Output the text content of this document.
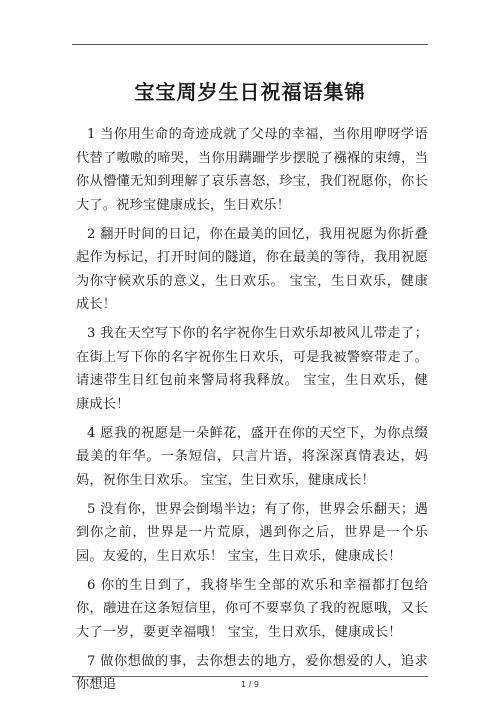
宝宝周岁生日祝福语集锦

1 当你用生命的奇迹成就了父母的幸福，当你用咿呀学语代替了嗷嗷的啼哭，当你用蹒跚学步摆脱了襁褓的束缚，当你从懵懂无知到理解了哀乐喜怒，珍宝，我们祝愿你，你长大了。祝珍宝健康成长，生日欢乐！

2 翻开时间的日记，你在最美的回忆，我用祝愿为你折叠起作为标记，打开时间的隧道，你在最美的等待，我用祝愿为你守候欢乐的意义，生日欢乐。 宝宝，生日欢乐，健康成长！

3 我在天空写下你的名字祝你生日欢乐却被风儿带走了；在街上写下你的名字祝你生日欢乐，可是我被警察带走了。请速带生日红包前来警局将我释放。 宝宝，生日欢乐，健康成长！

4 愿我的祝愿是一朵鲜花，盛开在你的天空下，为你点缀最美的年华。一条短信，只言片语，将深深真情表达，妈妈，祝你生日欢乐。 宝宝，生日欢乐，健康成长！

5 没有你，世界会倒塌半边；有了你，世界会乐翻天；遇到你之前，世界是一片荒原，遇到你之后，世界是一个乐园。友爱的，生日欢乐！ 宝宝，生日欢乐，健康成长！

6 你的生日到了，我将毕生全部的欢乐和幸福都打包给你，融进在这条短信里，你可不要辜负了我的祝愿哦，又长大了一岁，要更幸福哦！ 宝宝，生日欢乐，健康成长！

7 做你想做的事，去你想去的地方，爱你想爱的人，追求你想追	1 / 9
